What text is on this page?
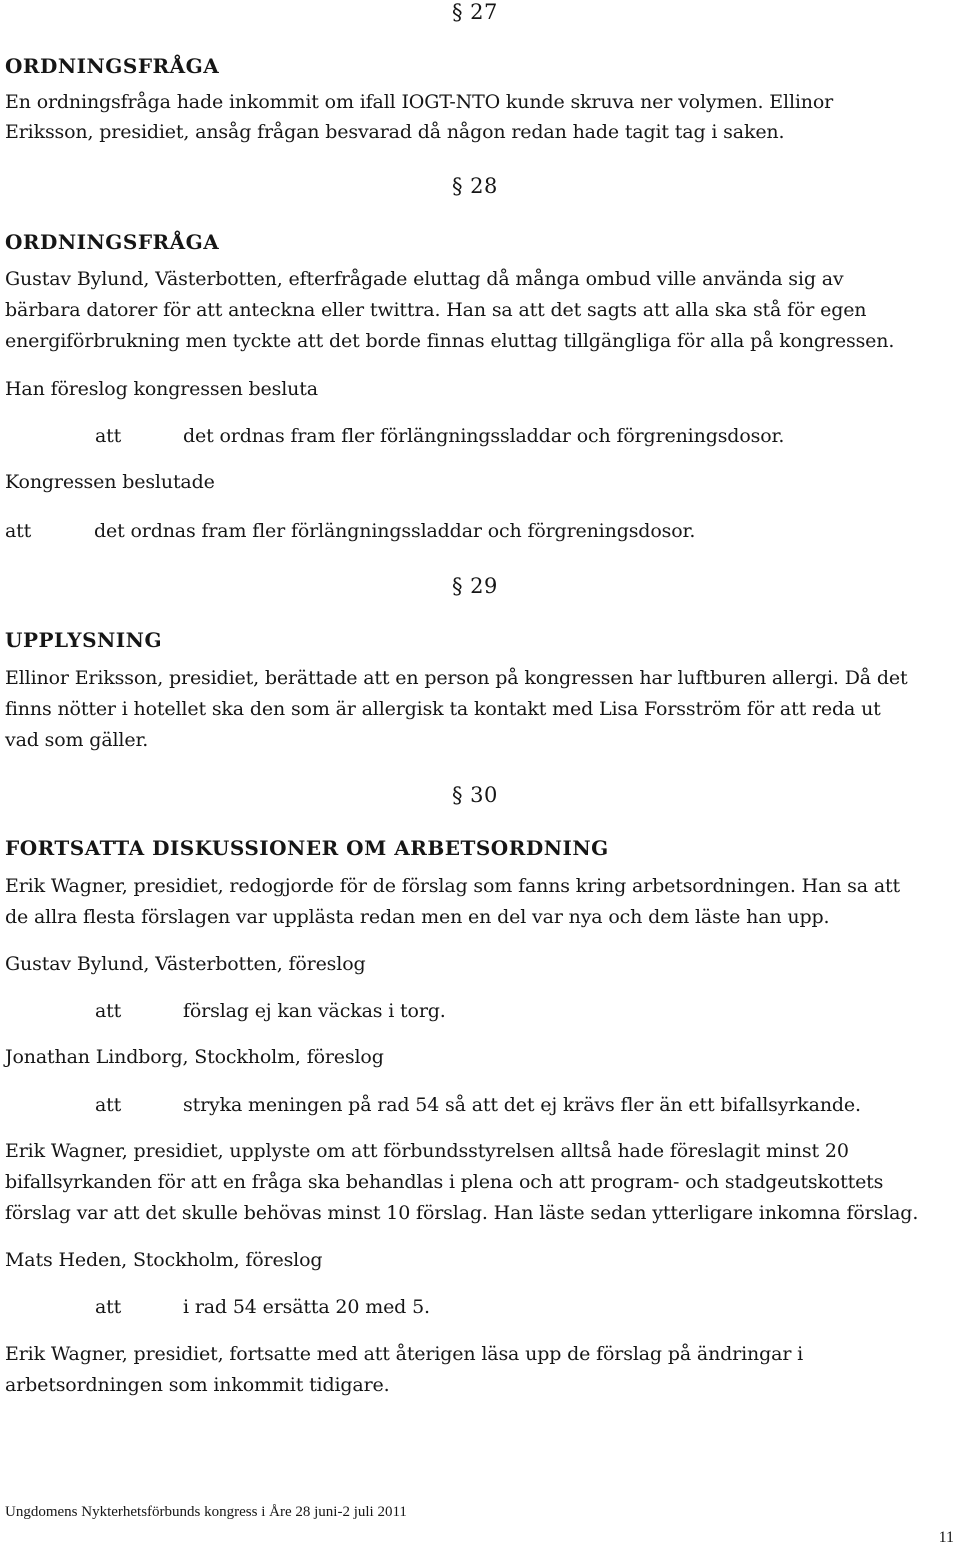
§ 27
ORDNINGSFRÅGA
En ordningsfråga hade inkommit om ifall IOGT-NTO kunde skruva ner volymen. Ellinor
Eriksson, presidiet, ansåg frågan besvarad då någon redan hade tagit tag i saken.
§ 28
ORDNINGSFRÅGA
Gustav Bylund, Västerbotten, efterfrågade eluttag då många ombud ville använda sig av
bärbara datorer för att anteckna eller twittra. Han sa att det sagts att alla ska stå för egen
energiförbrukning men tyckte att det borde finnas eluttag tillgängliga för alla på kongressen.
Han föreslog kongressen besluta
att	det ordnas fram fler förlängningssladdar och förgreningsdosor.
Kongressen beslutade
att	det ordnas fram fler förlängningssladdar och förgreningsdosor.
§ 29
UPPLYSNING
Ellinor Eriksson, presidiet, berättade att en person på kongressen har luftburen allergi. Då det
finns nötter i hotellet ska den som är allergisk ta kontakt med Lisa Forsström för att reda ut
vad som gäller.
§ 30
FORTSATTA DISKUSSIONER OM ARBETSORDNING
Erik Wagner, presidiet, redogjorde för de förslag som fanns kring arbetsordningen. Han sa att
de allra flesta förslagen var upplästa redan men en del var nya och dem läste han upp.
Gustav Bylund, Västerbotten, föreslog
att	förslag ej kan väckas i torg.
Jonathan Lindborg, Stockholm, föreslog
att	stryka meningen på rad 54 så att det ej krävs fler än ett bifallsyrkande.
Erik Wagner, presidiet, upplyste om att förbundsstyrelsen alltså hade föreslagit minst 20
bifallsyrkanden för att en fråga ska behandlas i plena och att program- och stadgeutskottets
förslag var att det skulle behövas minst 10 förslag. Han läste sedan ytterligare inkomna förslag.
Mats Heden, Stockholm, föreslog
att	i rad 54 ersätta 20 med 5.
Erik Wagner, presidiet, fortsatte med att återigen läsa upp de förslag på ändringar i
arbetsordningen som inkommit tidigare.
Ungdomens Nykterhetsförbunds kongress i Åre 28 juni-2 juli 2011
11
